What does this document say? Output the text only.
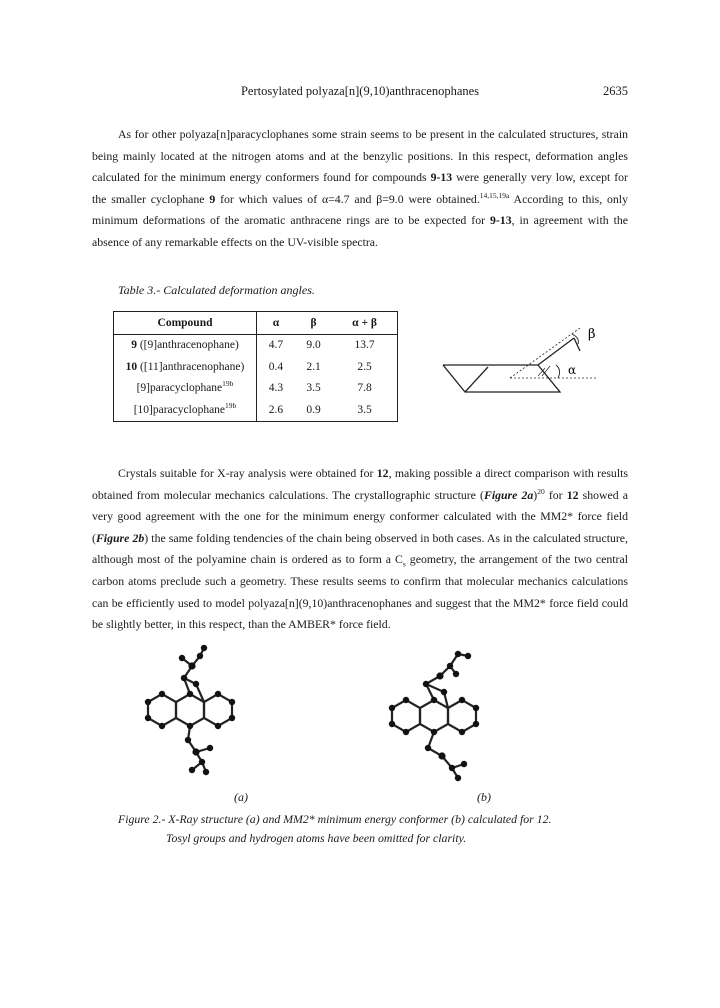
Pertosylated polyaza[n](9,10)anthracenophanes	2635

As for other polyaza[n]paracyclophanes some strain seems to be present in the calculated structures, strain being mainly located at the nitrogen atoms and at the benzylic positions. In this respect, deformation angles calculated for the minimum energy conformers found for compounds 9-13 were generally very low, except for the smaller cyclophane 9 for which values of α=4.7 and β=9.0 were obtained.$^{14,15,19a}$ According to this, only minimum deformations of the aromatic anthracene rings are to be expected for 9-13, in agreement with the absence of any remarkable effects on the UV-visible spectra.

Table 3.- Calculated deformation angles.
Compound	α	β	α + β
9 ([9]anthracenophane)	4.7	9.0	13.7
10 ([11]anthracenophane)	0.4	2.1	2.5
[9]paracyclophane$^{19b}$	4.3	3.5	7.8
[10]paracyclophane$^{19b}$	2.6	0.9	3.5
β
α

Crystals suitable for X-ray analysis were obtained for 12, making possible a direct comparison with results obtained from molecular mechanics calculations. The crystallographic structure (Figure 2a)$^{20}$ for 12 showed a very good agreement with the one for the minimum energy conformer calculated with the MM2* force field (Figure 2b) the same folding tendencies of the chain being observed in both cases. As in the calculated structure, although most of the polyamine chain is ordered as to form a $C_s$ geometry, the arrangement of the two central carbon atoms preclude such a geometry. These results seems to confirm that molecular mechanics calculations can be efficiently used to model polyaza[n](9,10)anthracenophanes and suggest that the MM2* force field could be slightly better, in this respect, than the AMBER* force field.

(a)	(b)
Figure 2.- X-Ray structure (a) and MM2* minimum energy conformer (b) calculated for 12.
Tosyl groups and hydrogen atoms have been omitted for clarity.
